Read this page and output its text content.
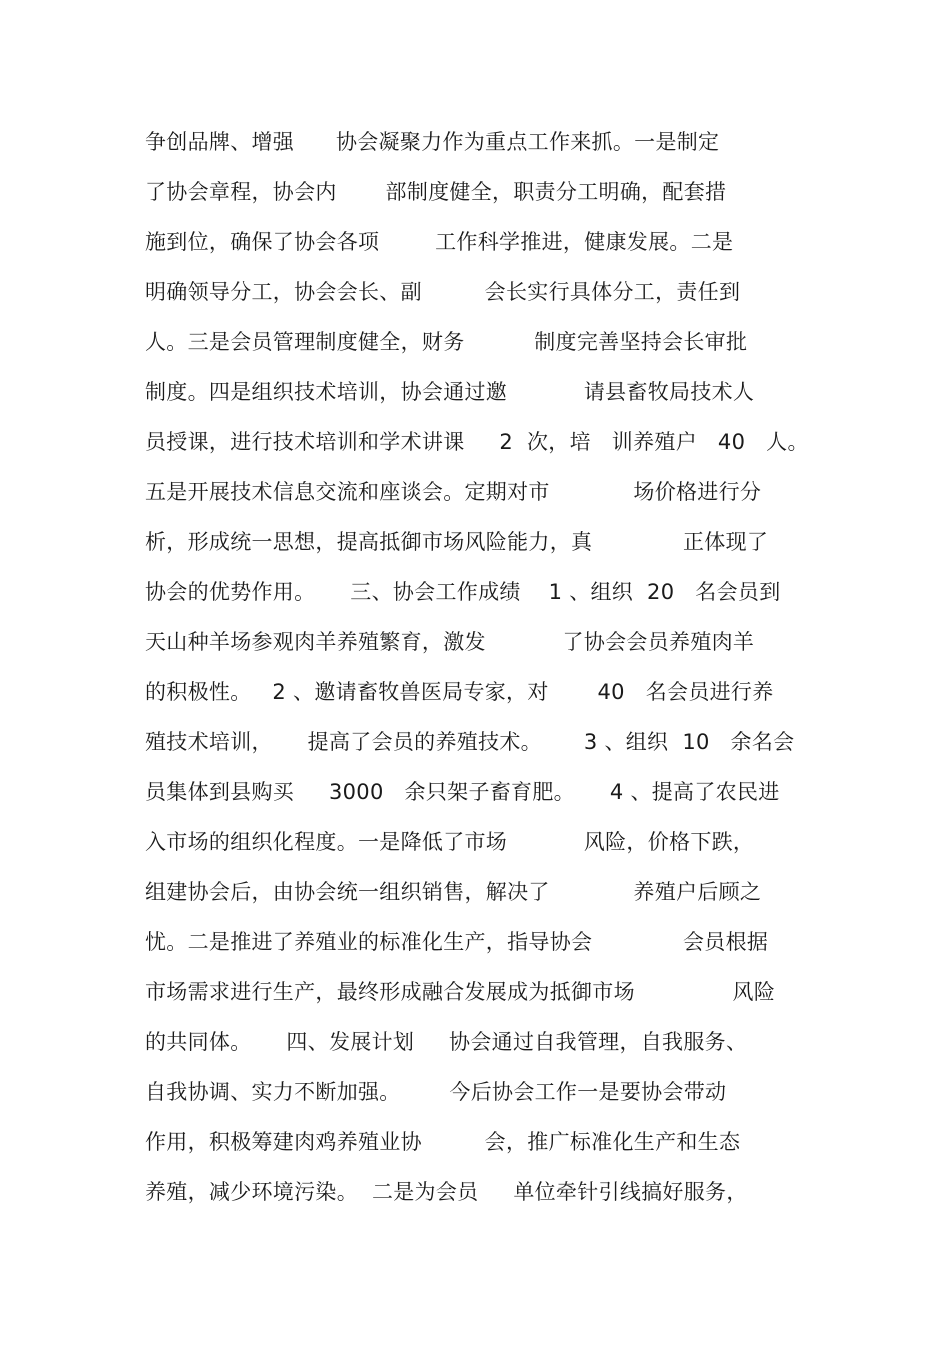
争创品牌、增强      协会凝聚力作为重点工作来抓。一是制定
了协会章程，协会内       部制度健全，职责分工明确，配套措
施到位，确保了协会各项        工作科学推进，健康发展。二是
明确领导分工，协会会长、副         会长实行具体分工，责任到
人。三是会员管理制度健全，财务          制度完善坚持会长审批
制度。四是组织技术培训，协会通过邀           请县畜牧局技术人
员授课，进行技术培训和学术讲课     2  次，培   训养殖户   40   人。
五是开展技术信息交流和座谈会。定期对市            场价格进行分
析，形成统一思想，提高抵御市场风险能力，真             正体现了
协会的优势作用。     三、协会工作成绩    1 、组织  20   名会员到
天山种羊场参观肉羊养殖繁育，激发           了协会会员养殖肉羊
的积极性。   2 、邀请畜牧兽医局专家，对       40   名会员进行养
殖技术培训，     提高了会员的养殖技术。      3 、组织  10   余名会
员集体到县购买     3000   余只架子畜育肥。     4 、提高了农民进
入市场的组织化程度。一是降低了市场           风险，价格下跌，
组建协会后，由协会统一组织销售，解决了            养殖户后顾之
忧。二是推进了养殖业的标准化生产，指导协会             会员根据
市场需求进行生产，最终形成融合发展成为抵御市场              风险
的共同体。     四、发展计划     协会通过自我管理，自我服务、
自我协调、实力不断加强。       今后协会工作一是要协会带动
作用，积极筹建肉鸡养殖业协         会，推广标准化生产和生态
养殖，减少环境污染。  二是为会员     单位牵针引线搞好服务，
